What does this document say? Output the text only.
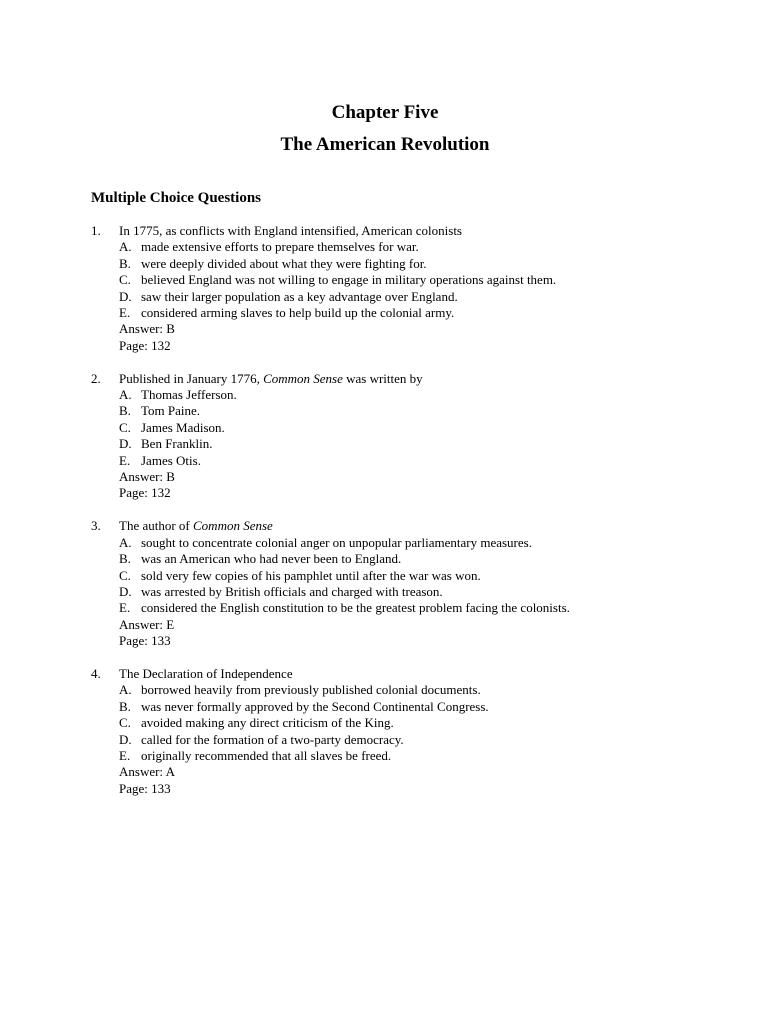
Chapter Five
The American Revolution
Multiple Choice Questions
1.	In 1775, as conflicts with England intensified, American colonists
A. made extensive efforts to prepare themselves for war.
B. were deeply divided about what they were fighting for.
C. believed England was not willing to engage in military operations against them.
D. saw their larger population as a key advantage over England.
E. considered arming slaves to help build up the colonial army.
Answer: B
Page: 132
2.	Published in January 1776, Common Sense was written by
A. Thomas Jefferson.
B. Tom Paine.
C. James Madison.
D. Ben Franklin.
E. James Otis.
Answer: B
Page: 132
3.	The author of Common Sense
A. sought to concentrate colonial anger on unpopular parliamentary measures.
B. was an American who had never been to England.
C. sold very few copies of his pamphlet until after the war was won.
D. was arrested by British officials and charged with treason.
E. considered the English constitution to be the greatest problem facing the colonists.
Answer: E
Page: 133
4.	The Declaration of Independence
A. borrowed heavily from previously published colonial documents.
B. was never formally approved by the Second Continental Congress.
C. avoided making any direct criticism of the King.
D. called for the formation of a two-party democracy.
E. originally recommended that all slaves be freed.
Answer: A
Page: 133
